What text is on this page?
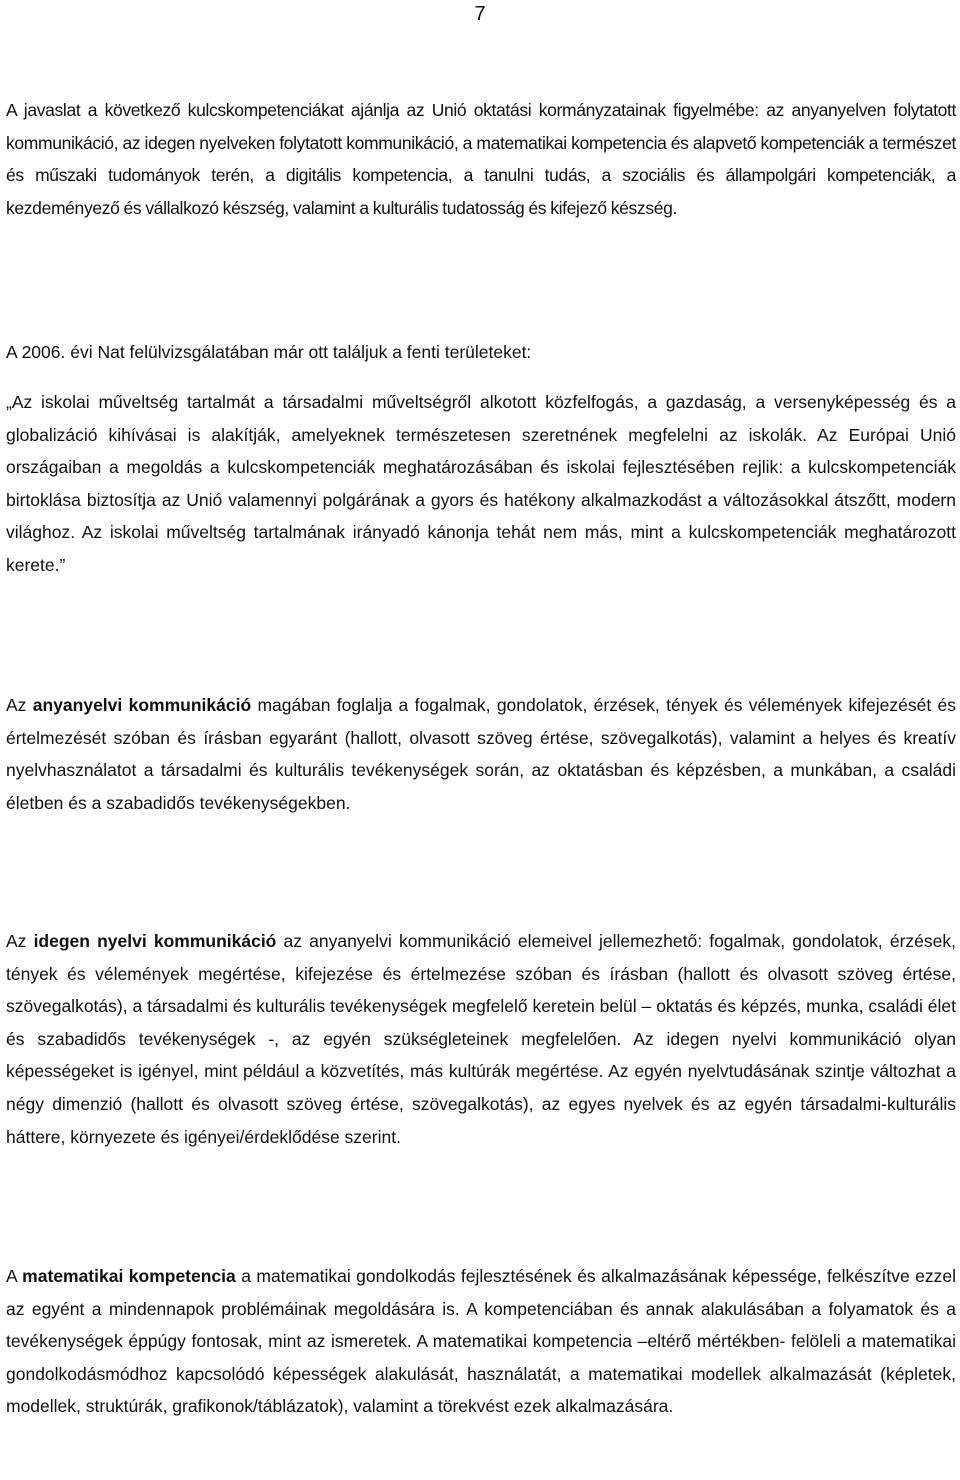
7

A javaslat a következő kulcskompetenciákat ajánlja az Unió oktatási kormányzatainak figyelmébe: az anyanyelven folytatott kommunikáció, az idegen nyelveken folytatott kommunikáció, a matematikai kompetencia és alapvető kompetenciák a természet és műszaki tudományok terén, a digitális kompetencia, a tanulni tudás, a szociális és állampolgári kompetenciák, a kezdeményező és vállalkozó készség, valamint a kulturális tudatosság és kifejező készség.

A 2006. évi Nat felülvizsgálatában már ott találjuk a fenti területeket:

„Az iskolai műveltség tartalmát a társadalmi műveltségről alkotott közfelfogás, a gazdaság, a versenyképesség és a globalizáció kihívásai is alakítják, amelyeknek természetesen szeretnének megfelelni az iskolák. Az Európai Unió országaiban a megoldás a kulcskompetenciák meghatározásában és iskolai fejlesztésében rejlik: a kulcskompetenciák birtoklása biztosítja az Unió valamennyi polgárának a gyors és hatékony alkalmazkodást a változásokkal átszőtt, modern világhoz. Az iskolai műveltség tartalmának irányadó kánonja tehát nem más, mint a kulcskompetenciák meghatározott kerete.”

Az anyanyelvi kommunikáció magában foglalja a fogalmak, gondolatok, érzések, tények és vélemények kifejezését és értelmezését szóban és írásban egyaránt (hallott, olvasott szöveg értése, szövegalkotás), valamint a helyes és kreatív nyelvhasználatot a társadalmi és kulturális tevékenységek során, az oktatásban és képzésben, a munkában, a családi életben és a szabadidős tevékenységekben.

Az idegen nyelvi kommunikáció az anyanyelvi kommunikáció elemeivel jellemezhető: fogalmak, gondolatok, érzések, tények és vélemények megértése, kifejezése és értelmezése szóban és írásban (hallott és olvasott szöveg értése, szövegalkotás), a társadalmi és kulturális tevékenységek megfelelő keretein belül – oktatás és képzés, munka, családi élet és szabadidős tevékenységek -, az egyén szükségleteinek megfelelően. Az idegen nyelvi kommunikáció olyan képességeket is igényel, mint például a közvetítés, más kultúrák megértése. Az egyén nyelvtudásának szintje változhat a négy dimenzió (hallott és olvasott szöveg értése, szövegalkotás), az egyes nyelvek és az egyén társadalmi-kulturális háttere, környezete és igényei/érdeklődése szerint.

A matematikai kompetencia a matematikai gondolkodás fejlesztésének és alkalmazásának képessége, felkészítve ezzel az egyént a mindennapok problémáinak megoldására is. A kompetenciában és annak alakulásában a folyamatok és a tevékenységek éppúgy fontosak, mint az ismeretek. A matematikai kompetencia –eltérő mértékben- felöleli a matematikai gondolkodásmódhoz kapcsolódó képességek alakulását, használatát, a matematikai modellek alkalmazását (képletek, modellek, struktúrák, grafikonok/táblázatok), valamint a törekvést ezek alkalmazására.
